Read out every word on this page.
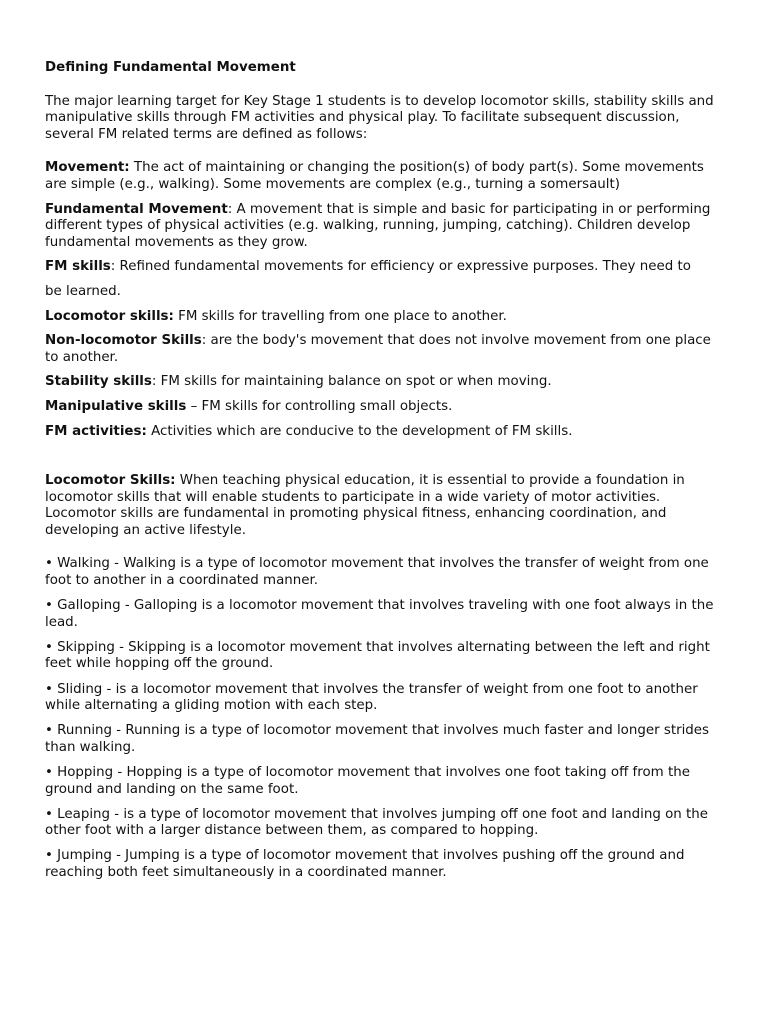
Defining Fundamental Movement

The major learning target for Key Stage 1 students is to develop locomotor skills, stability skills and manipulative skills through FM activities and physical play. To facilitate subsequent discussion, several FM related terms are defined as follows:

Movement: The act of maintaining or changing the position(s) of body part(s). Some movements are simple (e.g., walking). Some movements are complex (e.g., turning a somersault)

Fundamental Movement: A movement that is simple and basic for participating in or performing different types of physical activities (e.g. walking, running, jumping, catching). Children develop fundamental movements as they grow.

FM skills: Refined fundamental movements for efficiency or expressive purposes. They need to

be learned.

Locomotor skills: FM skills for travelling from one place to another.

Non-locomotor Skills: are the body's movement that does not involve movement from one place to another.

Stability skills: FM skills for maintaining balance on spot or when moving.

Manipulative skills – FM skills for controlling small objects.

FM activities: Activities which are conducive to the development of FM skills.

Locomotor Skills: When teaching physical education, it is essential to provide a foundation in locomotor skills that will enable students to participate in a wide variety of motor activities. Locomotor skills are fundamental in promoting physical fitness, enhancing coordination, and developing an active lifestyle.

• Walking - Walking is a type of locomotor movement that involves the transfer of weight from one foot to another in a coordinated manner.

• Galloping - Galloping is a locomotor movement that involves traveling with one foot always in the lead.

• Skipping - Skipping is a locomotor movement that involves alternating between the left and right feet while hopping off the ground.

• Sliding - is a locomotor movement that involves the transfer of weight from one foot to another while alternating a gliding motion with each step.

• Running - Running is a type of locomotor movement that involves much faster and longer strides than walking.

• Hopping - Hopping is a type of locomotor movement that involves one foot taking off from the ground and landing on the same foot.

• Leaping - is a type of locomotor movement that involves jumping off one foot and landing on the other foot with a larger distance between them, as compared to hopping.

• Jumping - Jumping is a type of locomotor movement that involves pushing off the ground and reaching both feet simultaneously in a coordinated manner.
